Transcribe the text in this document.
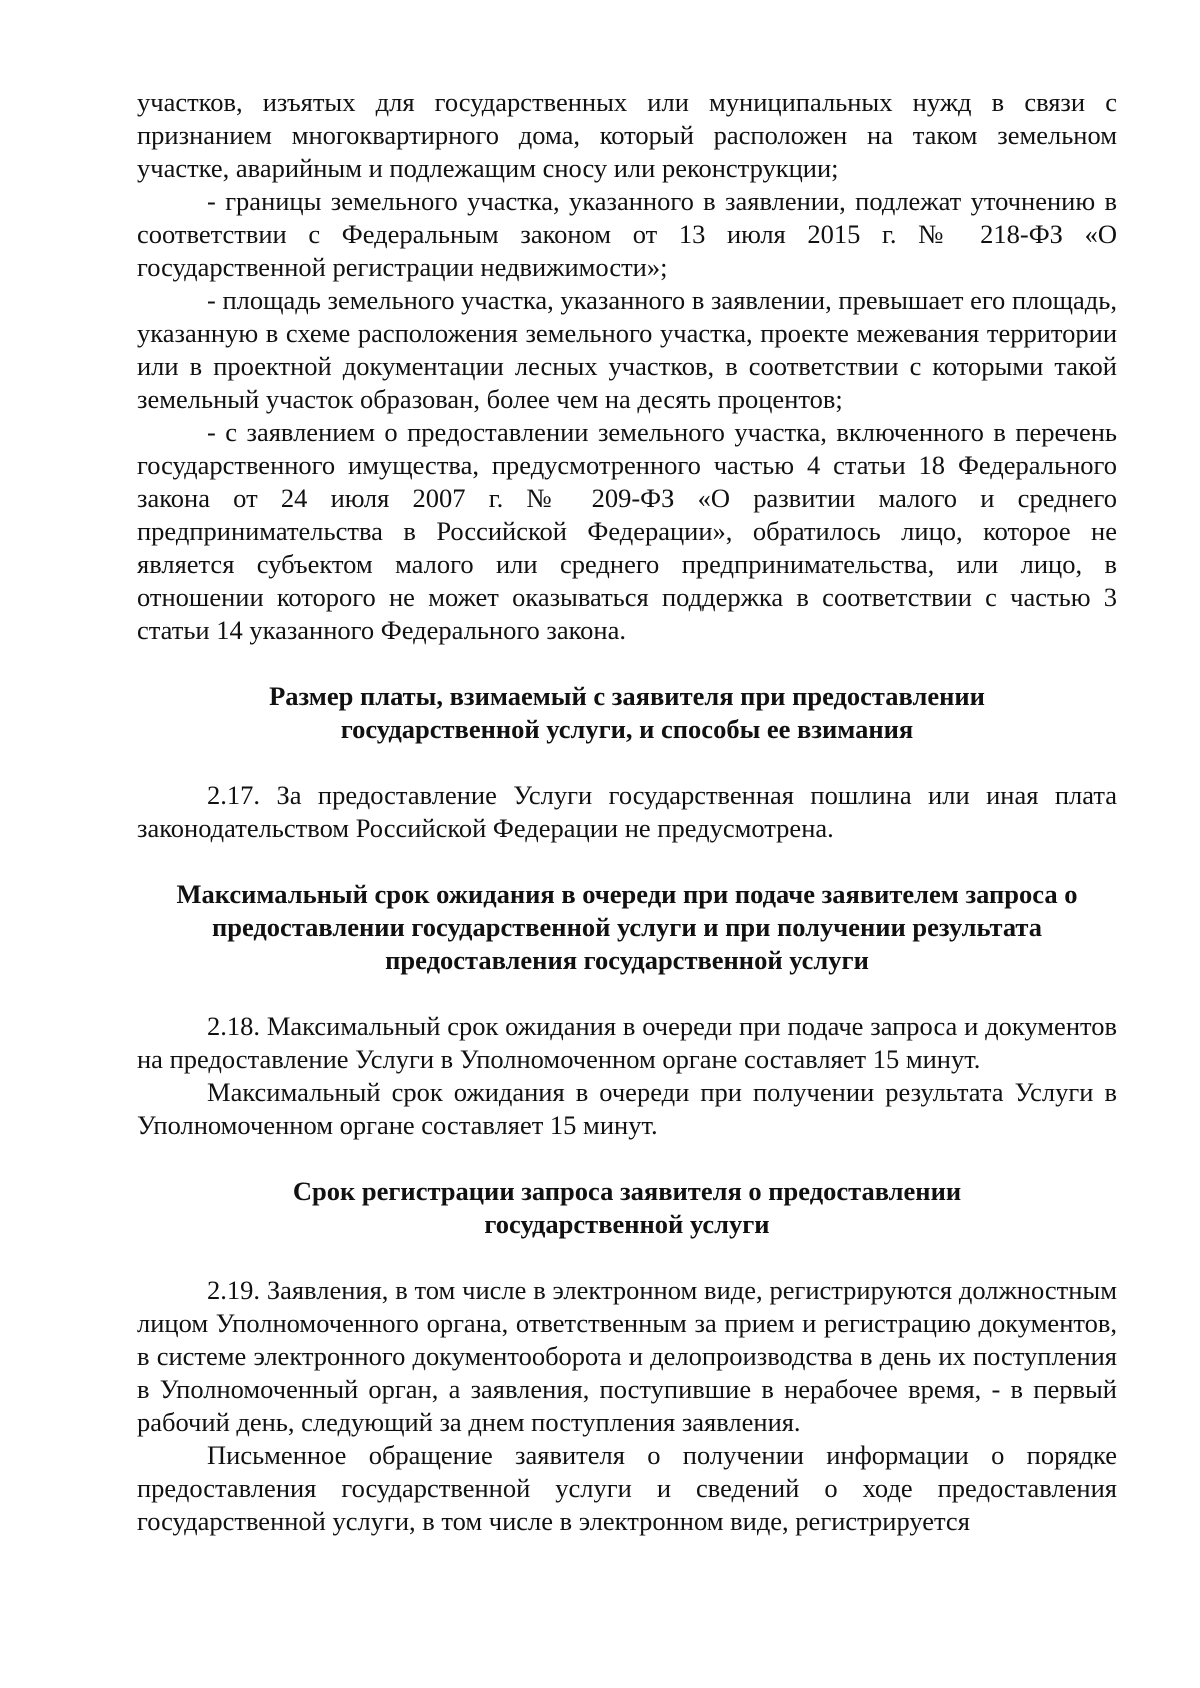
участков, изъятых для государственных или муниципальных нужд в связи с признанием многоквартирного дома, который расположен на таком земельном участке, аварийным и подлежащим сносу или реконструкции;

- границы земельного участка, указанного в заявлении, подлежат уточнению в соответствии с Федеральным законом от 13 июля 2015 г. № 218-ФЗ «О государственной регистрации недвижимости»;

- площадь земельного участка, указанного в заявлении, превышает его площадь, указанную в схеме расположения земельного участка, проекте межевания территории или в проектной документации лесных участков, в соответствии с которыми такой земельный участок образован, более чем на десять процентов;

- с заявлением о предоставлении земельного участка, включенного в перечень государственного имущества, предусмотренного частью 4 статьи 18 Федерального закона от 24 июля 2007 г. № 209-ФЗ «О развитии малого и среднего предпринимательства в Российской Федерации», обратилось лицо, которое не является субъектом малого или среднего предпринимательства, или лицо, в отношении которого не может оказываться поддержка в соответствии с частью 3 статьи 14 указанного Федерального закона.

Размер платы, взимаемый с заявителя при предоставлении
государственной услуги, и способы ее взимания

2.17. За предоставление Услуги государственная пошлина или иная плата законодательством Российской Федерации не предусмотрена.

Максимальный срок ожидания в очереди при подаче заявителем запроса о
предоставлении государственной услуги и при получении результата
предоставления государственной услуги

2.18. Максимальный срок ожидания в очереди при подаче запроса и документов на предоставление Услуги в Уполномоченном органе составляет 15 минут.

Максимальный срок ожидания в очереди при получении результата Услуги в Уполномоченном органе составляет 15 минут.

Срок регистрации запроса заявителя о предоставлении
государственной услуги

2.19. Заявления, в том числе в электронном виде, регистрируются должностным лицом Уполномоченного органа, ответственным за прием и регистрацию документов, в системе электронного документооборота и делопроизводства в день их поступления в Уполномоченный орган, а заявления, поступившие в нерабочее время, - в первый рабочий день, следующий за днем поступления заявления.

Письменное обращение заявителя о получении информации о порядке предоставления государственной услуги и сведений о ходе предоставления государственной услуги, в том числе в электронном виде, регистрируется
